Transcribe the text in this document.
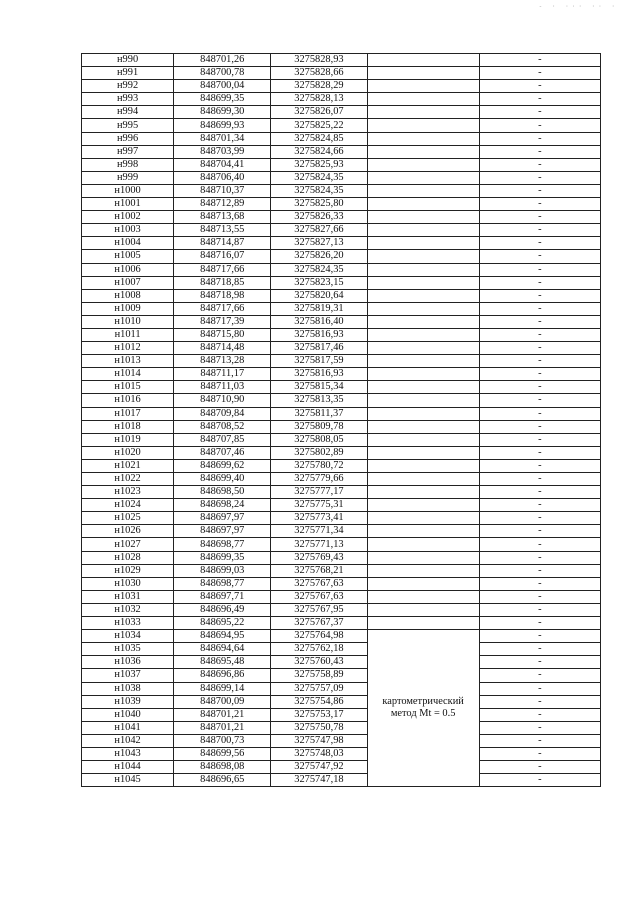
- · ··· ·· ·
н990	848701,26	3275828,93		-
н991	848700,78	3275828,66		-
н992	848700,04	3275828,29		-
н993	848699,35	3275828,13		-
н994	848699,30	3275826,07		-
н995	848699,93	3275825,22		-
н996	848701,34	3275824,85		-
н997	848703,99	3275824,66		-
н998	848704,41	3275825,93		-
н999	848706,40	3275824,35		-
н1000	848710,37	3275824,35		-
н1001	848712,89	3275825,80		-
н1002	848713,68	3275826,33		-
н1003	848713,55	3275827,66		-
н1004	848714,87	3275827,13		-
н1005	848716,07	3275826,20		-
н1006	848717,66	3275824,35		-
н1007	848718,85	3275823,15		-
н1008	848718,98	3275820,64		-
н1009	848717,66	3275819,31		-
н1010	848717,39	3275816,40		-
н1011	848715,80	3275816,93		-
н1012	848714,48	3275817,46		-
н1013	848713,28	3275817,59		-
н1014	848711,17	3275816,93		-
н1015	848711,03	3275815,34		-
н1016	848710,90	3275813,35		-
н1017	848709,84	3275811,37		-
н1018	848708,52	3275809,78		-
н1019	848707,85	3275808,05		-
н1020	848707,46	3275802,89		-
н1021	848699,62	3275780,72		-
н1022	848699,40	3275779,66		-
н1023	848698,50	3275777,17		-
н1024	848698,24	3275775,31		-
н1025	848697,97	3275773,41		-
н1026	848697,97	3275771,34		-
н1027	848698,77	3275771,13		-
н1028	848699,35	3275769,43		-
н1029	848699,03	3275768,21		-
н1030	848698,77	3275767,63		-
н1031	848697,71	3275767,63		-
н1032	848696,49	3275767,95		-
н1033	848695,22	3275767,37		-
н1034	848694,95	3275764,98	картометрический
метод Mt = 0.5	-
н1035	848694,64	3275762,18		-
н1036	848695,48	3275760,43		-
н1037	848696,86	3275758,89		-
н1038	848699,14	3275757,09		-
н1039	848700,09	3275754,86		-
н1040	848701,21	3275753,17		-
н1041	848701,21	3275750,78		-
н1042	848700,73	3275747,98		-
н1043	848699,56	3275748,03		-
н1044	848698,08	3275747,92		-
н1045	848696,65	3275747,18		-
